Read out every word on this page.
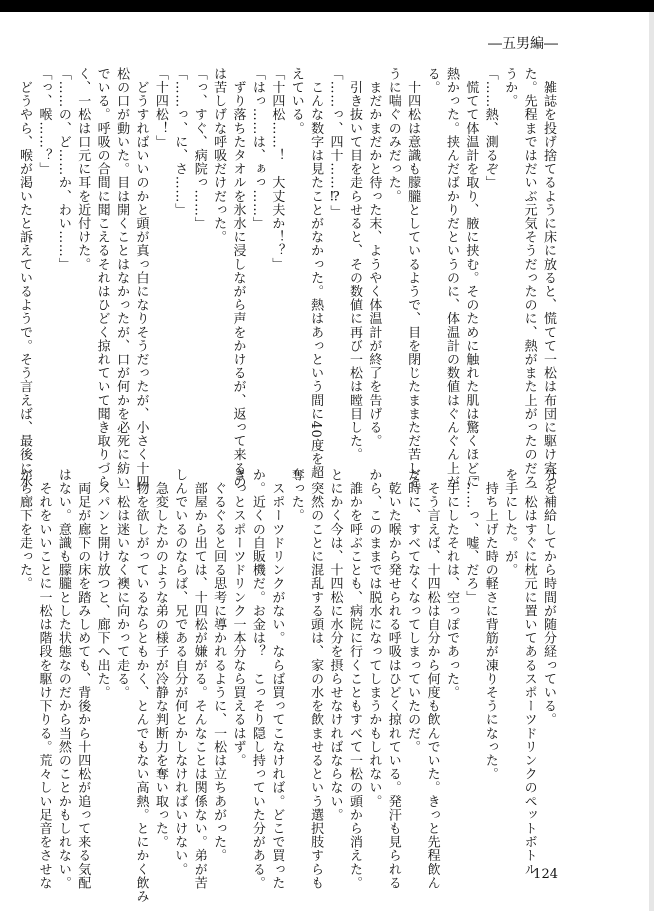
―五男編―
　雑誌を投げ捨てるように床に放ると、慌てて一松は布団に駆け寄っ
た。先程まではだいぶ元気そうだったのに、熱がまた上がったのだろ
うか。
「……熱、測るぞ」
　慌てて体温計を取り、腋に挟む。そのために触れた肌は驚くほどに
熱かった。挟んだばかりだというのに、体温計の数値はぐんぐん上が
る。
　十四松は意識も朦朧としているようで、目を閉じたままただ苦しそ
うに喘ぐのみだった。
　まだかまだかと待った末、ようやく体温計が終了を告げる。
　引き抜いて目を走らせると、その数値に再び一松は瞠目した。
「……っ、四十……⁉」
　こんな数字は見たことがなかった。熱はあっという間に40度を超
えている。
「十四松……！　大丈夫か！？」
「はっ……は、ぁっ……」
　ずり落ちたタオルを氷水に浸しながら声をかけるが、返って来るの
は苦しげな呼吸だけだった。
「っ、すぐ、病院っ……」
「……っ、に、さ……」
「十四松！」
　どうすればいいのかと頭が真っ白になりそうだったが、小さく十四
松の口が動いた。目は開くことはなかったが、口が何かを必死に紡い
でいる。呼吸の合間に聞こえるそれはひどく掠れていて聞き取りづら
く、一松は口元に耳を近付けた。
「……の、ど……か、わい……」
「っ、喉……？」
　どうやら、喉が渇いたと訴えているようで。そう言えば、最後に水
分を補給してから時間が随分経っている。
　一松はすぐに枕元に置いてあるスポーツドリンクのペットボトル
を手にした。が。
　持ち上げた時の軽さに背筋が凍りそうになった。
「……っ、嘘、だろ」
　手にしたそれは、空っぽであった。
　そう言えば、十四松は自分から何度も飲んでいた。きっと先程飲ん
だ時に、すべてなくなってしまっていたのだ。
　乾いた喉から発せられる呼吸はひどく掠れている。発汗も見られる
から、このままでは脱水になってしまうかもしれない。
　誰かを呼ぶことも、病院に行くこともすべて一松の頭から消えた。
とにかく今は、十四松に水分を摂らせなければならない。
　突然のことに混乱する頭は、家の水を飲ませるという選択肢すらも
奪った。
　スポーツドリンクがない。ならば買ってこなければ。どこで買った
か。近くの自販機だ。お金は？　こっそり隠し持っていた分がある。
きっとスポーツドリンク一本分なら買えるはず。
　ぐるぐると回る思考に導かれるように、一松は立ちあがった。
　部屋から出ては、十四松が嫌がる。そんなことは関係ない。弟が苦
しんでいるのならば、兄である自分が何とかしなければいけない。
　急変したかのような弟の様子が冷静な判断力を奪い取った。
　物を欲しがっているならともかく、とんでもない高熱。とにかく飲み
　一松は迷いなく襖に向かって走る。
　スパンと開け放つと、廊下へ出た。
　両足が廊下の床を踏みしめても、背後から十四松が追って来る気配
はない。意識も朦朧とした状態なのだから当然のことかもしれない。
　それをいいことに一松は階段を駆け下りる。荒々しい足音をさせな
がら廊下を走った。
124
